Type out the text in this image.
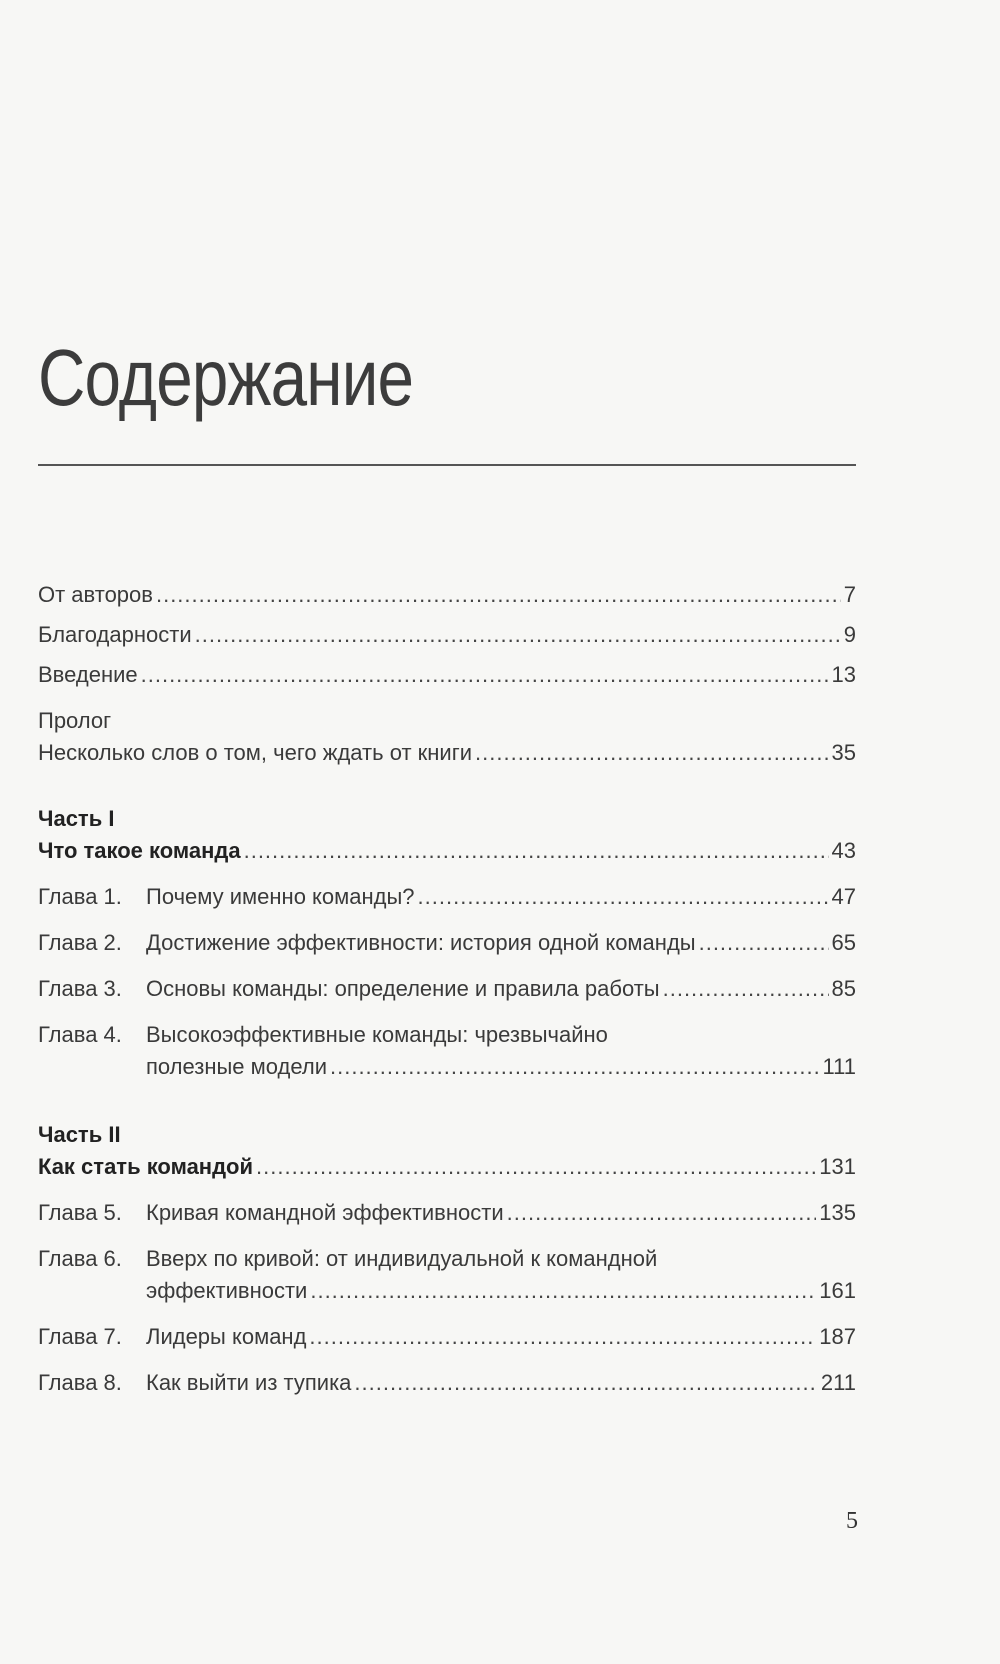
Содержание
От авторов .....	7
Благодарности .....	9
Введение .....	13
Пролог
Несколько слов о том, чего ждать от книги .....	35
Часть I
Что такое команда .....	43
Глава 1.	Почему именно команды? .....	47
Глава 2.	Достижение эффективности: история одной команды .....	65
Глава 3.	Основы команды: определение и правила работы .....	85
Глава 4.	Высокоэффективные команды: чрезвычайно
полезные модели .....	111
Часть II
Как стать командой .....	131
Глава 5.	Кривая командной эффективности .....	135
Глава 6.	Вверх по кривой: от индивидуальной к командной
эффективности .....	161
Глава 7.	Лидеры команд .....	187
Глава 8.	Как выйти из тупика .....	211
5
